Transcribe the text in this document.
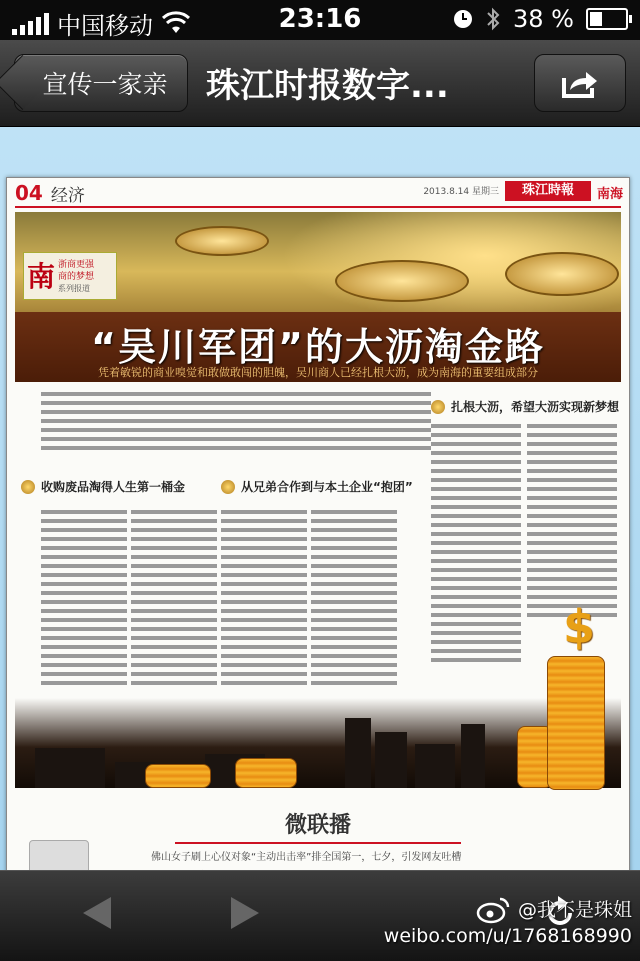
中国移动	23:16	38 %
宣传一家亲 珠江时报数字...
04 经济	2013.8.14 星期三	珠江時報	南海
南 浙商更强
商的梦想
系列报道
“吴川军团”的大沥淘金路
凭着敏锐的商业嗅觉和敢做敢闯的胆魄，吴川商人已经扎根大沥，成为南海的重要组成部分
收购废品淘得人生第一桶金	从兄弟合作到与本土企业“抱团”
扎根大沥，希望大沥实现新梦想
$
微联播
佛山女子刷上心仪对象“主动出击率”排全国第一，七夕，引发网友吐槽
@我不是珠姐
weibo.com/u/1768168990
